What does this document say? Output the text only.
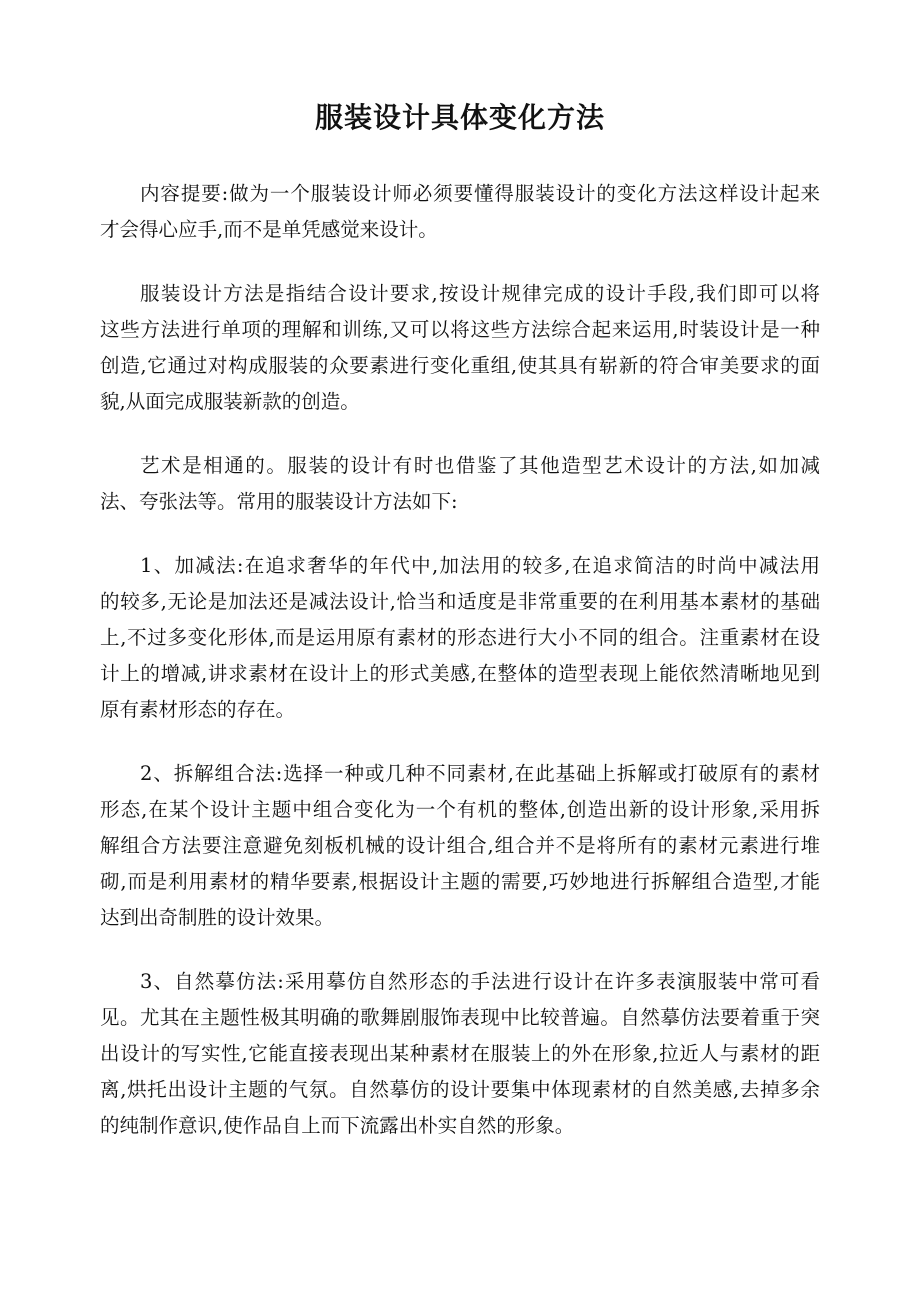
服装设计具体变化方法
内容提要:做为一个服装设计师必须要懂得服装设计的变化方法这样设计起来
才会得心应手,而不是单凭感觉来设计。
服装设计方法是指结合设计要求,按设计规律完成的设计手段,我们即可以将
这些方法进行单项的理解和训练,又可以将这些方法综合起来运用,时装设计是一种
创造,它通过对构成服装的众要素进行变化重组,使其具有崭新的符合审美要求的面
貌,从面完成服装新款的创造。
艺术是相通的。服装的设计有时也借鉴了其他造型艺术设计的方法,如加减
法、夸张法等。常用的服装设计方法如下:
1、加减法:在追求奢华的年代中,加法用的较多,在追求简洁的时尚中减法用
的较多,无论是加法还是减法设计,恰当和适度是非常重要的在利用基本素材的基础
上,不过多变化形体,而是运用原有素材的形态进行大小不同的组合。注重素材在设
计上的增减,讲求素材在设计上的形式美感,在整体的造型表现上能依然清晰地见到
原有素材形态的存在。
2、拆解组合法:选择一种或几种不同素材,在此基础上拆解或打破原有的素材
形态,在某个设计主题中组合变化为一个有机的整体,创造出新的设计形象,采用拆
解组合方法要注意避免刻板机械的设计组合,组合并不是将所有的素材元素进行堆
砌,而是利用素材的精华要素,根据设计主题的需要,巧妙地进行拆解组合造型,才能
达到出奇制胜的设计效果。
3、自然摹仿法:采用摹仿自然形态的手法进行设计在许多表演服装中常可看
见。尤其在主题性极其明确的歌舞剧服饰表现中比较普遍。自然摹仿法要着重于突
出设计的写实性,它能直接表现出某种素材在服装上的外在形象,拉近人与素材的距
离,烘托出设计主题的气氛。自然摹仿的设计要集中体现素材的自然美感,去掉多余
的纯制作意识,使作品自上而下流露出朴实自然的形象。
